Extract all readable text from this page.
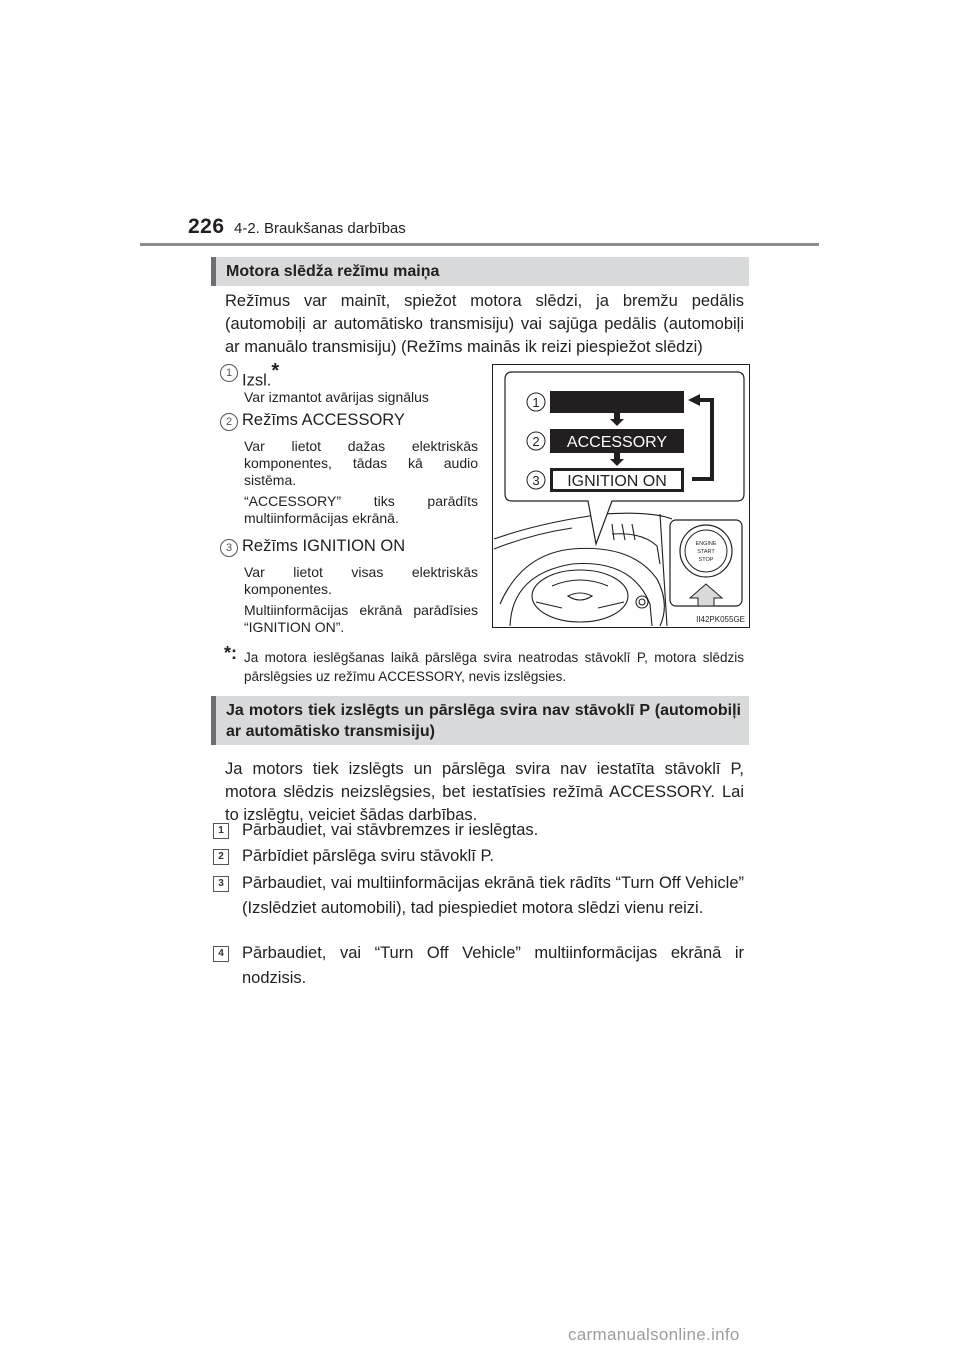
226 4-2. Braukšanas darbības
Motora slēdža režīmu maiņa
Režīmus var mainīt, spiežot motora slēdzi, ja bremžu pedālis (automobiļi ar automātisko transmisiju) vai sajūga pedālis (automobiļi ar manuālo transmisiju) (Režīms mainās ik reizi piespiežot slēdzi)
1 Izsl.*
Var izmantot avārijas signālus
2 Režīms ACCESSORY
Var lietot dažas elektriskās komponentes, tādas kā audio sistēma.
“ACCESSORY” tiks parādīts multiinformācijas ekrānā.
3 Režīms IGNITION ON
Var lietot visas elektriskās komponentes.
Multiinformācijas ekrānā parādīsies “IGNITION ON”.
1
2
3
ACCESSORY
IGNITION ON
ENGINE
START
STOP
II42PK055GE
*: Ja motora ieslēgšanas laikā pārslēga svira neatrodas stāvoklī P, motora slēdzis pārslēgsies uz režīmu ACCESSORY, nevis izslēgsies.
Ja motors tiek izslēgts un pārslēga svira nav stāvoklī P (automobiļi ar automātisko transmisiju)
Ja motors tiek izslēgts un pārslēga svira nav iestatīta stāvoklī P, motora slēdzis neizslēgsies, bet iestatīsies režīmā ACCESSORY. Lai to izslēgtu, veiciet šādas darbības.
1	Pārbaudiet, vai stāvbremzes ir ieslēgtas.
2	Pārbīdiet pārslēga sviru stāvoklī P.
3	Pārbaudiet, vai multiinformācijas ekrānā tiek rādīts “Turn Off Vehicle” (Izslēdziet automobili), tad piespiediet motora slēdzi vienu reizi.
4	Pārbaudiet, vai “Turn Off Vehicle” multiinformācijas ekrānā ir nodzisis.
carmanualsonline.info
